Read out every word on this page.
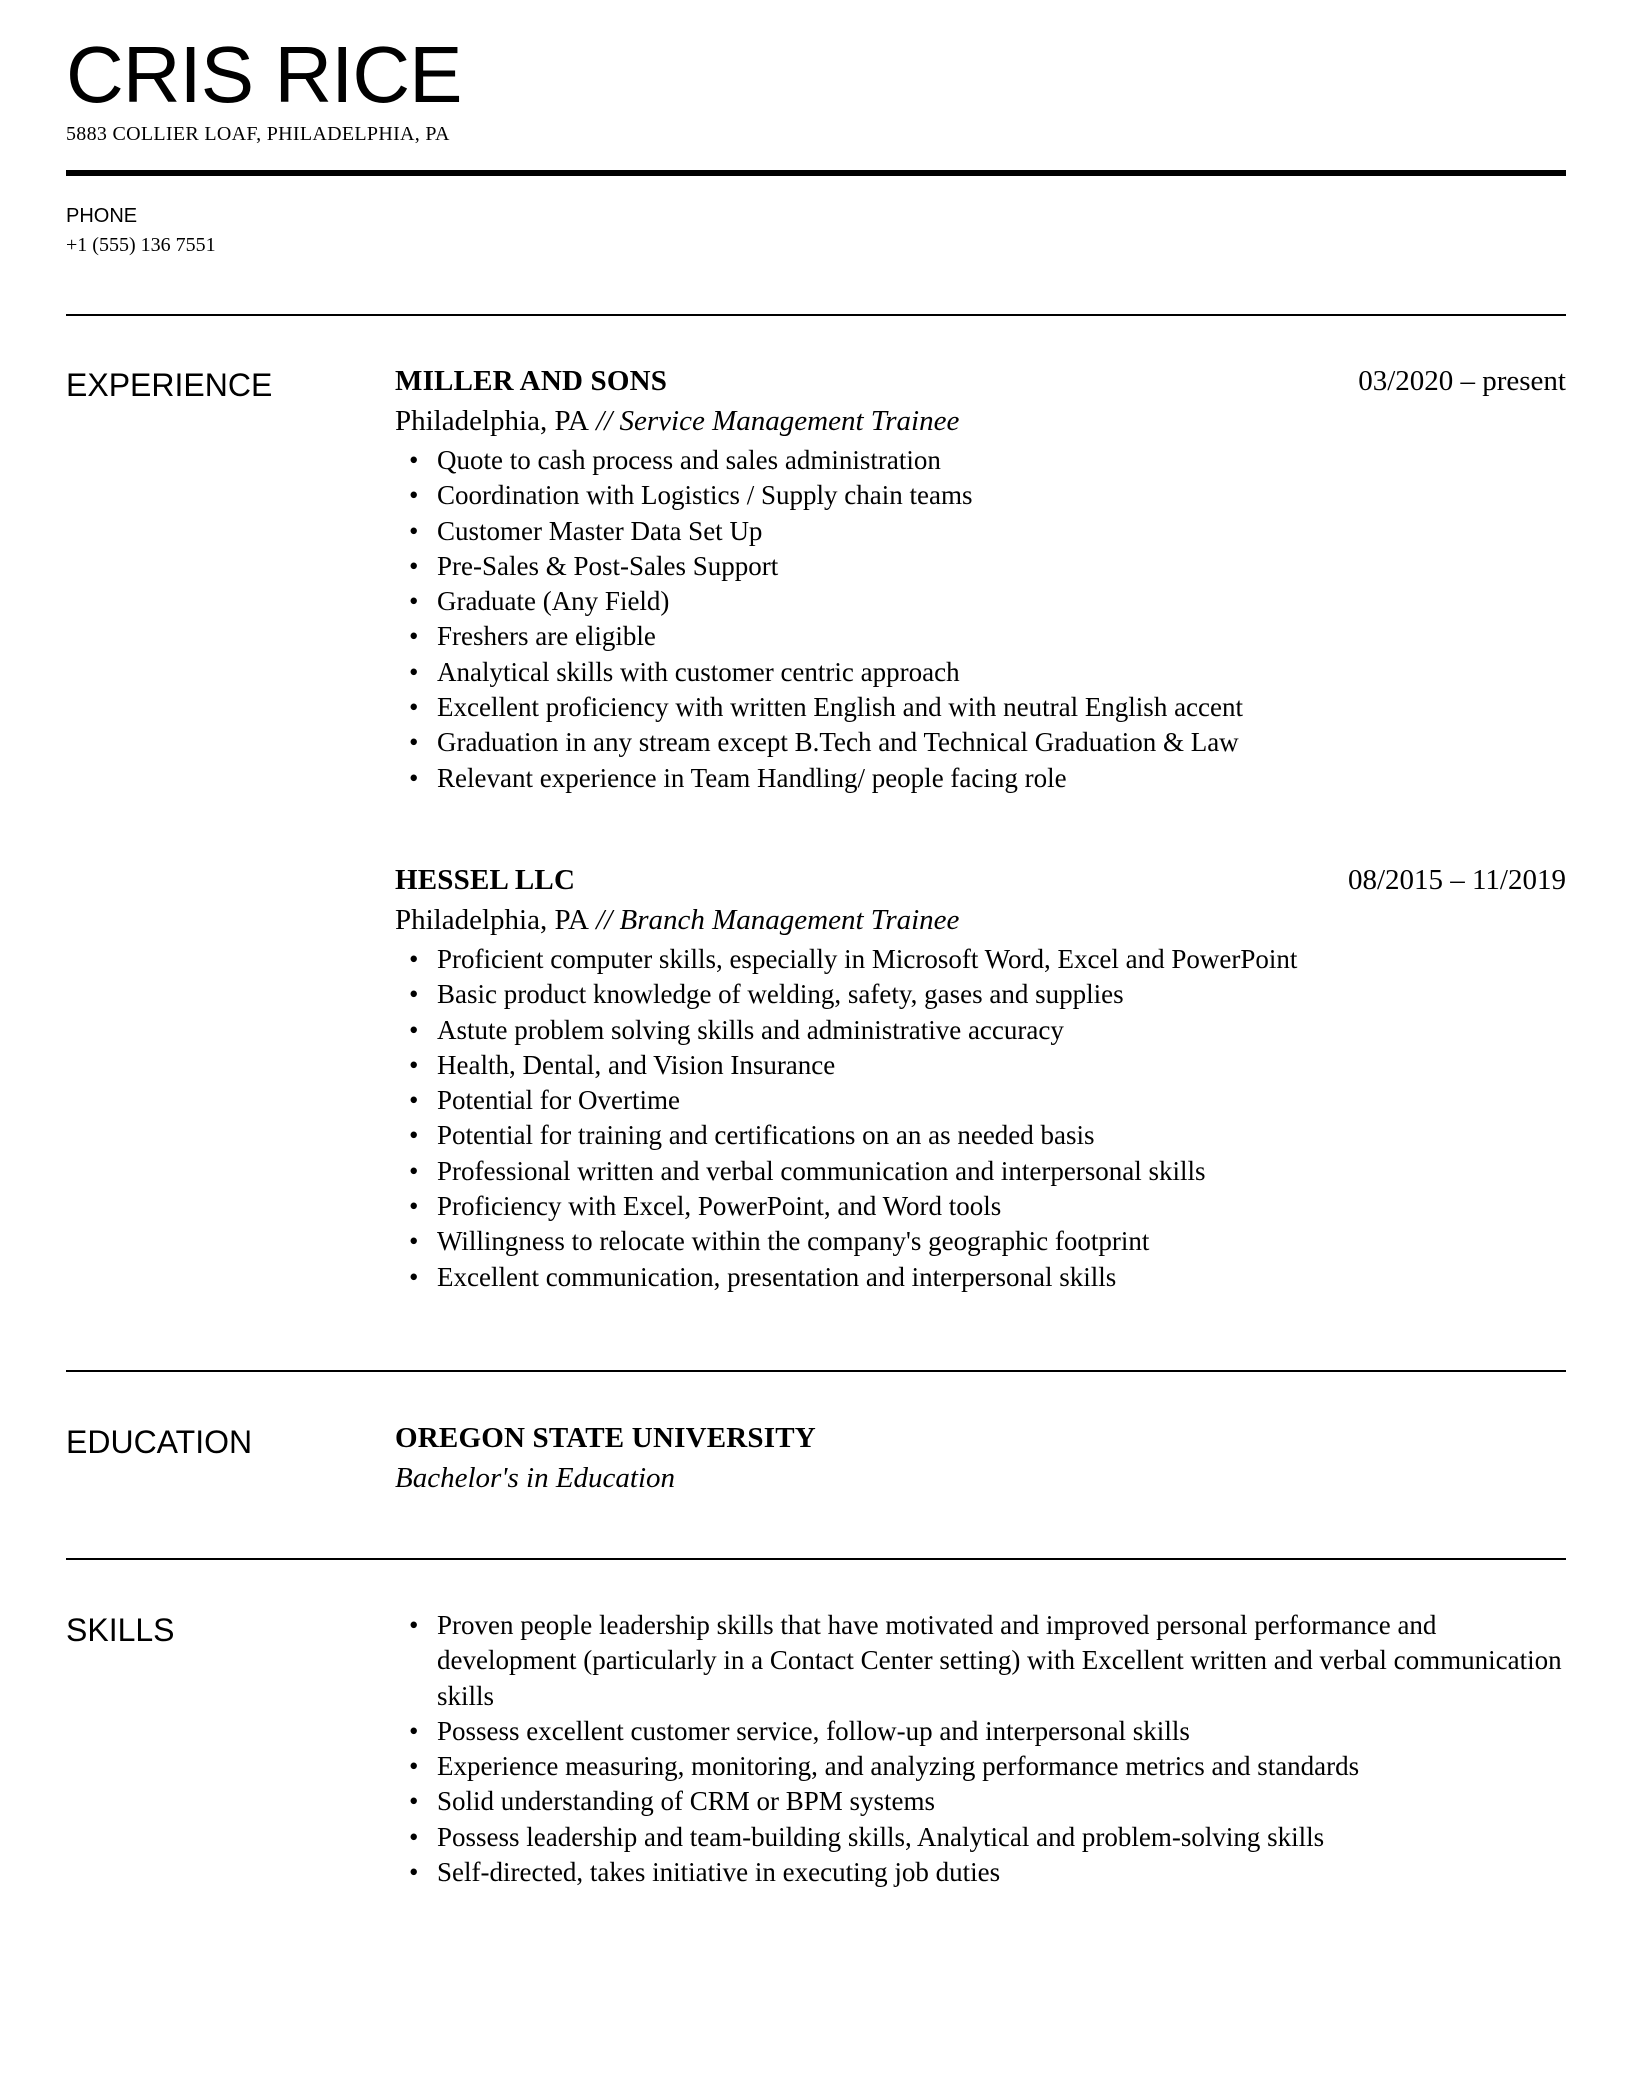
CRIS RICE
5883 COLLIER LOAF, PHILADELPHIA, PA
PHONE
+1 (555) 136 7551
EXPERIENCE	MILLER AND SONS	03/2020 – present
Philadelphia, PA // Service Management Trainee
• Quote to cash process and sales administration
• Coordination with Logistics / Supply chain teams
• Customer Master Data Set Up
• Pre-Sales & Post-Sales Support
• Graduate (Any Field)
• Freshers are eligible
• Analytical skills with customer centric approach
• Excellent proficiency with written English and with neutral English accent
• Graduation in any stream except B.Tech and Technical Graduation & Law
• Relevant experience in Team Handling/ people facing role
HESSEL LLC	08/2015 – 11/2019
Philadelphia, PA // Branch Management Trainee
• Proficient computer skills, especially in Microsoft Word, Excel and PowerPoint
• Basic product knowledge of welding, safety, gases and supplies
• Astute problem solving skills and administrative accuracy
• Health, Dental, and Vision Insurance
• Potential for Overtime
• Potential for training and certifications on an as needed basis
• Professional written and verbal communication and interpersonal skills
• Proficiency with Excel, PowerPoint, and Word tools
• Willingness to relocate within the company's geographic footprint
• Excellent communication, presentation and interpersonal skills
EDUCATION	OREGON STATE UNIVERSITY
Bachelor's in Education
SKILLS
•	Proven people leadership skills that have motivated and improved personal performance and development (particularly in a Contact Center setting) with Excellent written and verbal communication skills
• Possess excellent customer service, follow-up and interpersonal skills
• Experience measuring, monitoring, and analyzing performance metrics and standards
• Solid understanding of CRM or BPM systems
• Possess leadership and team-building skills, Analytical and problem-solving skills
• Self-directed, takes initiative in executing job duties
